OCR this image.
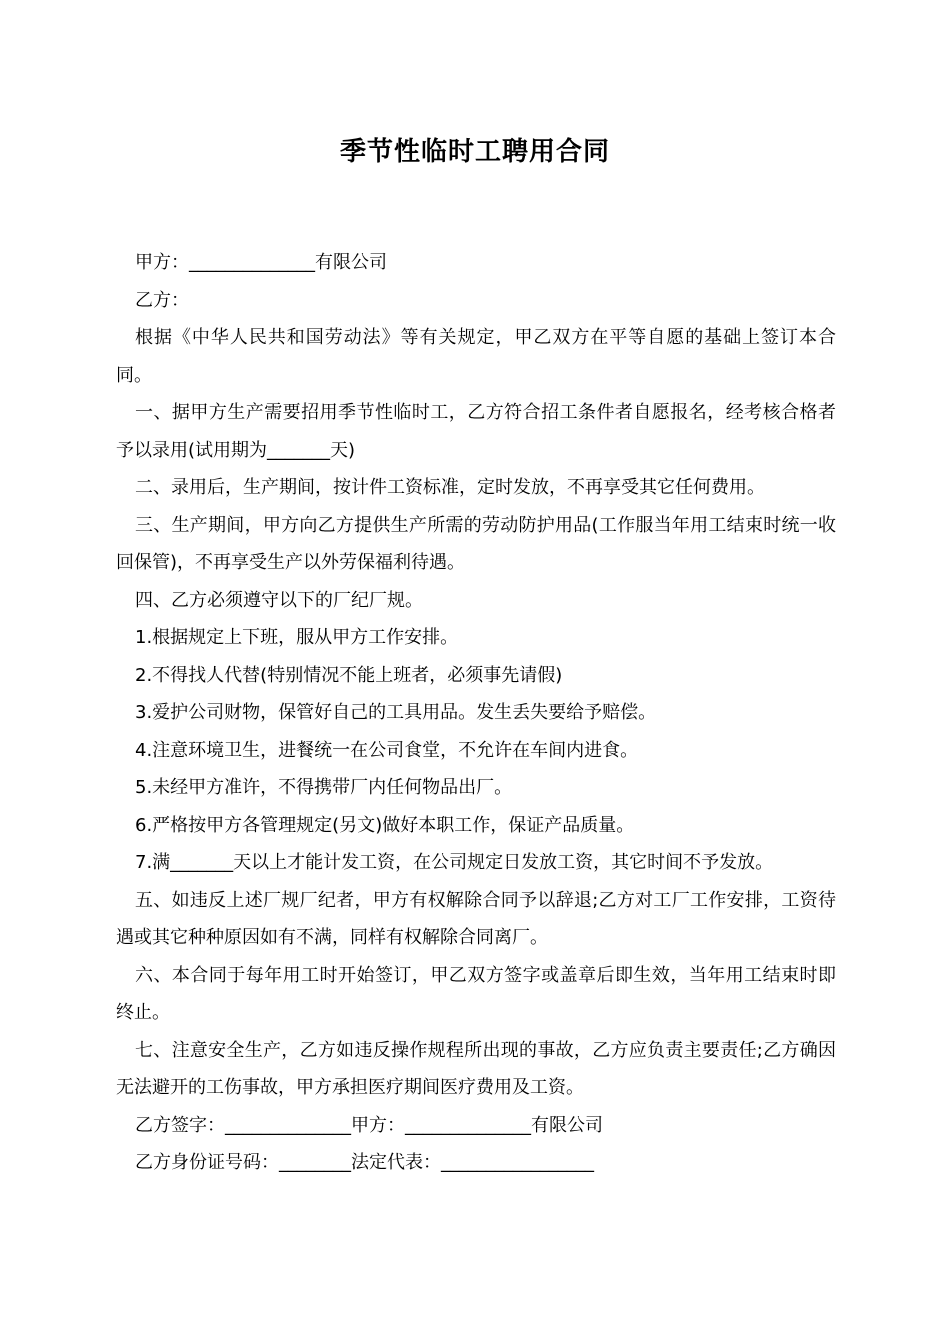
季节性临时工聘用合同

甲方：______________有限公司

乙方：

根据《中华人民共和国劳动法》等有关规定，甲乙双方在平等自愿的基础上签订本合同。

一、据甲方生产需要招用季节性临时工，乙方符合招工条件者自愿报名，经考核合格者予以录用(试用期为_______天)

二、录用后，生产期间，按计件工资标准，定时发放，不再享受其它任何费用。

三、生产期间，甲方向乙方提供生产所需的劳动防护用品(工作服当年用工结束时统一收回保管)，不再享受生产以外劳保福利待遇。

四、乙方必须遵守以下的厂纪厂规。

1.根据规定上下班，服从甲方工作安排。

2.不得找人代替(特别情况不能上班者，必须事先请假)

3.爱护公司财物，保管好自己的工具用品。发生丢失要给予赔偿。

4.注意环境卫生，进餐统一在公司食堂，不允许在车间内进食。

5.未经甲方准许，不得携带厂内任何物品出厂。

6.严格按甲方各管理规定(另文)做好本职工作，保证产品质量。

7.满_______天以上才能计发工资，在公司规定日发放工资，其它时间不予发放。

五、如违反上述厂规厂纪者，甲方有权解除合同予以辞退;乙方对工厂工作安排，工资待遇或其它种种原因如有不满，同样有权解除合同离厂。

六、本合同于每年用工时开始签订，甲乙双方签字或盖章后即生效，当年用工结束时即终止。

七、注意安全生产，乙方如违反操作规程所出现的事故，乙方应负责主要责任;乙方确因无法避开的工伤事故，甲方承担医疗期间医疗费用及工资。

乙方签字：______________甲方：______________有限公司

乙方身份证号码：________法定代表：_________________
